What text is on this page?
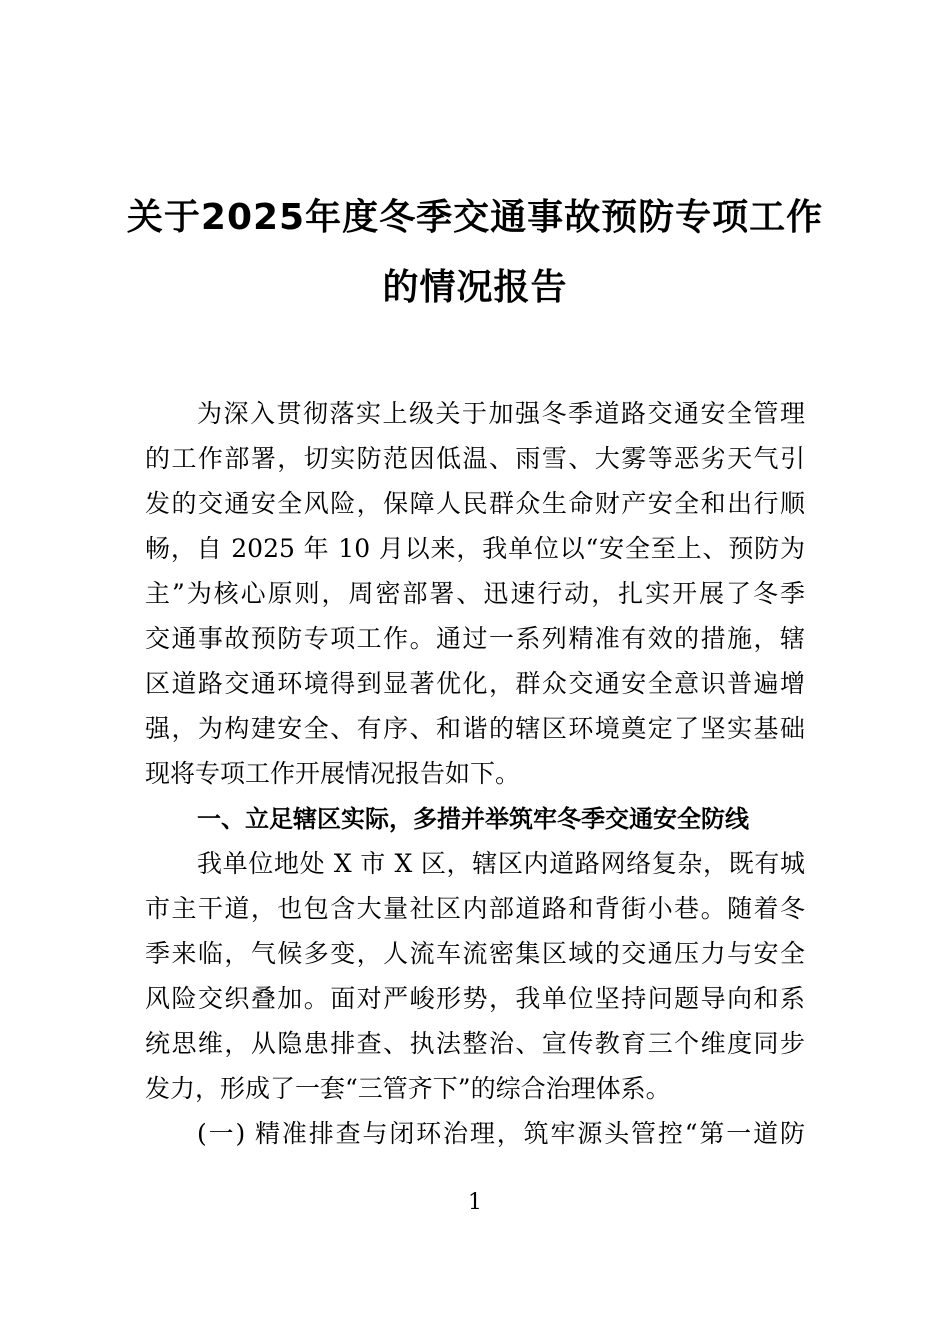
关于2025年度冬季交通事故预防专项工作
的情况报告
为深入贯彻落实上级关于加强冬季道路交通安全管理
的工作部署，切实防范因低温、雨雪、大雾等恶劣天气引
发的交通安全风险，保障人民群众生命财产安全和出行顺
畅，自 2025 年 10 月以来，我单位以“安全至上、预防为
主”为核心原则，周密部署、迅速行动，扎实开展了冬季
交通事故预防专项工作。通过一系列精准有效的措施，辖
区道路交通环境得到显著优化，群众交通安全意识普遍增
强，为构建安全、有序、和谐的辖区环境奠定了坚实基础
现将专项工作开展情况报告如下。
一、立足辖区实际，多措并举筑牢冬季交通安全防线
我单位地处 X 市 X 区，辖区内道路网络复杂，既有城
市主干道，也包含大量社区内部道路和背街小巷。随着冬
季来临，气候多变，人流车流密集区域的交通压力与安全
风险交织叠加。面对严峻形势，我单位坚持问题导向和系
统思维，从隐患排查、执法整治、宣传教育三个维度同步
发力，形成了一套“三管齐下”的综合治理体系。
(一) 精准排查与闭环治理，筑牢源头管控“第一道防
1
